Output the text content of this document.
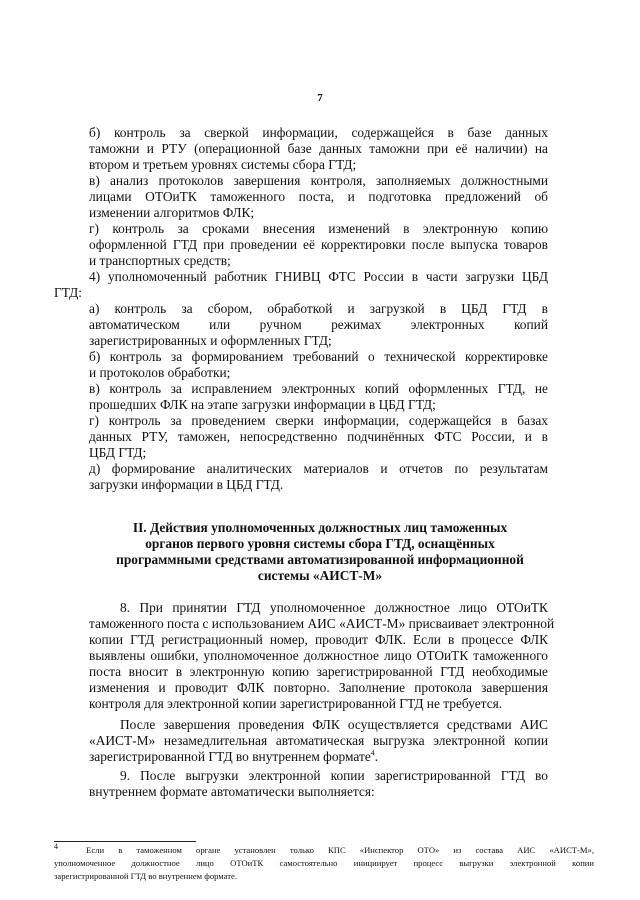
7
б) контроль за сверкой информации, содержащейся в базе данных
таможни и РТУ (операционной базе данных таможни при её наличии) на
втором и третьем уровнях системы сбора ГТД;
в) анализ протоколов завершения контроля, заполняемых должностными
лицами ОТОиТК таможенного поста, и подготовка предложений об
изменении алгоритмов ФЛК;
г) контроль за сроками внесения изменений в электронную копию
оформленной ГТД при проведении её корректировки после выпуска товаров
и транспортных средств;
4) уполномоченный работник ГНИВЦ ФТС России в части загрузки ЦБД
ГТД:
а) контроль за сбором, обработкой и загрузкой в ЦБД ГТД в
автоматическом или ручном режимах электронных копий
зарегистрированных и оформленных ГТД;
б) контроль за формированием требований о технической корректировке
и протоколов обработки;
в) контроль за исправлением электронных копий оформленных ГТД, не
прошедших ФЛК на этапе загрузки информации в ЦБД ГТД;
г) контроль за проведением сверки информации, содержащейся в базах
данных РТУ, таможен, непосредственно подчинённых ФТС России, и в
ЦБД ГТД;
д) формирование аналитических материалов и отчетов по результатам
загрузки информации в ЦБД ГТД.
II. Действия уполномоченных должностных лиц таможенных
органов первого уровня системы сбора ГТД, оснащённых
программными средствами автоматизированной информационной
системы «АИСТ-М»
8. При принятии ГТД уполномоченное должностное лицо ОТОиТК
таможенного поста с использованием АИС «АИСТ-М» присваивает электронной
копии ГТД регистрационный номер, проводит ФЛК. Если в процессе ФЛК
выявлены ошибки, уполномоченное должностное лицо ОТОиТК таможенного
поста вносит в электронную копию зарегистрированной ГТД необходимые
изменения и проводит ФЛК повторно. Заполнение протокола завершения
контроля для электронной копии зарегистрированной ГТД не требуется.
После завершения проведения ФЛК осуществляется средствами АИС
«АИСТ-М» незамедлительная автоматическая выгрузка электронной копии
зарегистрированной ГТД во внутреннем формате$^4$.
9. После выгрузки электронной копии зарегистрированной ГТД во
внутреннем формате автоматически выполняется:
$^4$	Если в таможенном органе установлен только КПС «Инспектор ОТО» из состава АИС «АИСТ-М»,
уполномоченное должностное лицо ОТОиТК самостоятельно инициирует процесс выгрузки электронной копии
зарегистрированной ГТД во внутреннем формате.
